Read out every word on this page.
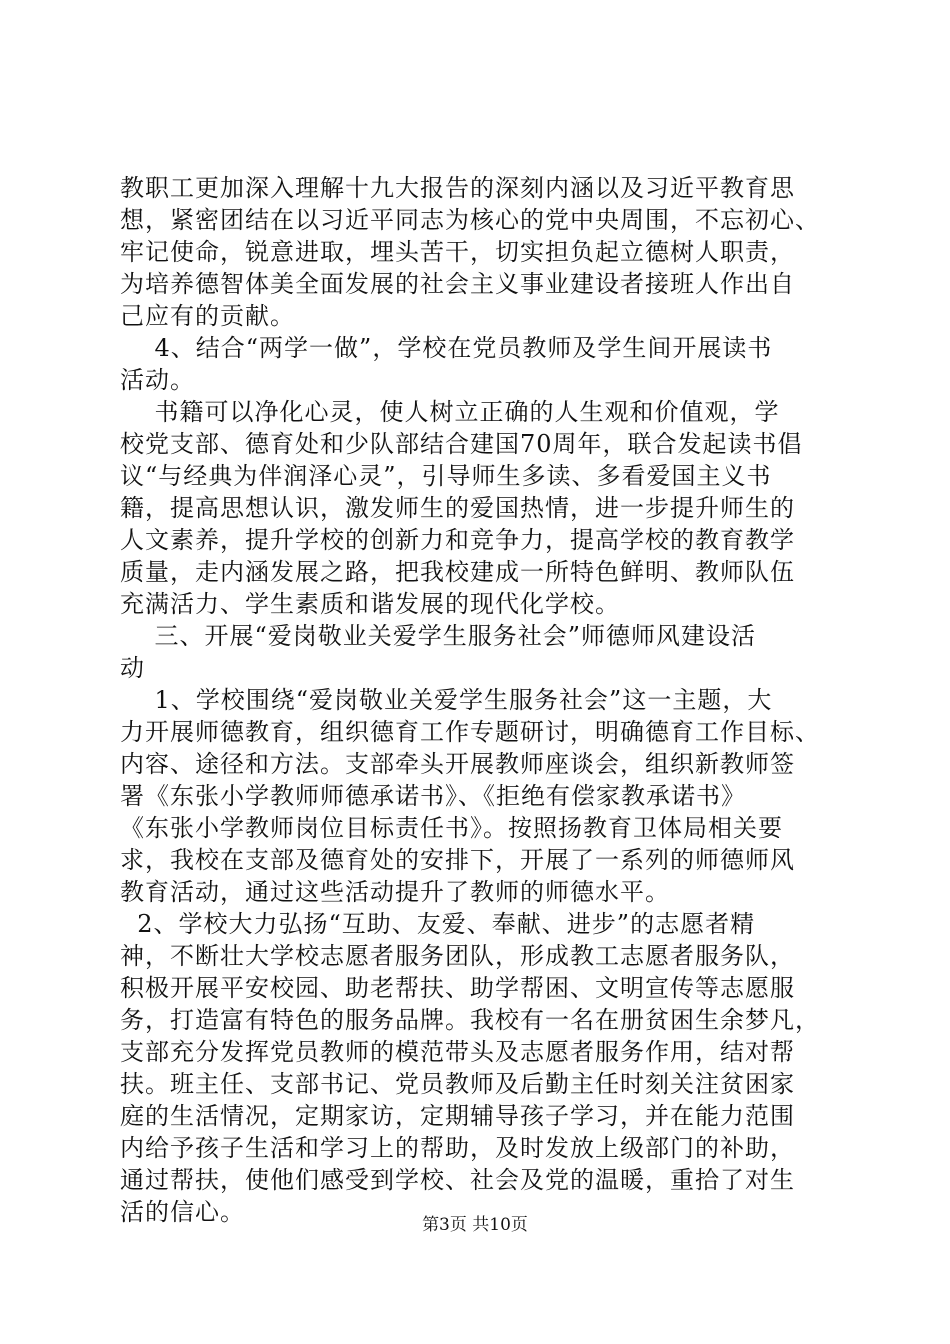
教职工更加深入理解十九大报告的深刻内涵以及习近平教育思
想，紧密团结在以习近平同志为核心的党中央周围，不忘初心、
牢记使命，锐意进取，埋头苦干，切实担负起立德树人职责，
为培养德智体美全面发展的社会主义事业建设者接班人作出自
己应有的贡献。
4、结合“两学一做”，学校在党员教师及学生间开展读书
活动。
书籍可以净化心灵，使人树立正确的人生观和价值观，学
校党支部、德育处和少队部结合建国70周年，联合发起读书倡
议“与经典为伴润泽心灵”，引导师生多读、多看爱国主义书
籍，提高思想认识，激发师生的爱国热情，进一步提升师生的
人文素养，提升学校的创新力和竞争力，提高学校的教育教学
质量，走内涵发展之路，把我校建成一所特色鲜明、教师队伍
充满活力、学生素质和谐发展的现代化学校。
三、开展“爱岗敬业关爱学生服务社会”师德师风建设活
动
1、学校围绕“爱岗敬业关爱学生服务社会”这一主题，大
力开展师德教育，组织德育工作专题研讨，明确德育工作目标、
内容、途径和方法。支部牵头开展教师座谈会，组织新教师签
署《东张小学教师师德承诺书》、《拒绝有偿家教承诺书》
《东张小学教师岗位目标责任书》。按照扬教育卫体局相关要
求，我校在支部及德育处的安排下，开展了一系列的师德师风
教育活动，通过这些活动提升了教师的师德水平。
2、学校大力弘扬“互助、友爱、奉献、进步”的志愿者精
神，不断壮大学校志愿者服务团队，形成教工志愿者服务队，
积极开展平安校园、助老帮扶、助学帮困、文明宣传等志愿服
务，打造富有特色的服务品牌。我校有一名在册贫困生余梦凡，
支部充分发挥党员教师的模范带头及志愿者服务作用，结对帮
扶。班主任、支部书记、党员教师及后勤主任时刻关注贫困家
庭的生活情况，定期家访，定期辅导孩子学习，并在能力范围
内给予孩子生活和学习上的帮助，及时发放上级部门的补助，
通过帮扶，使他们感受到学校、社会及党的温暖，重拾了对生
活的信心。	第3页 共10页
